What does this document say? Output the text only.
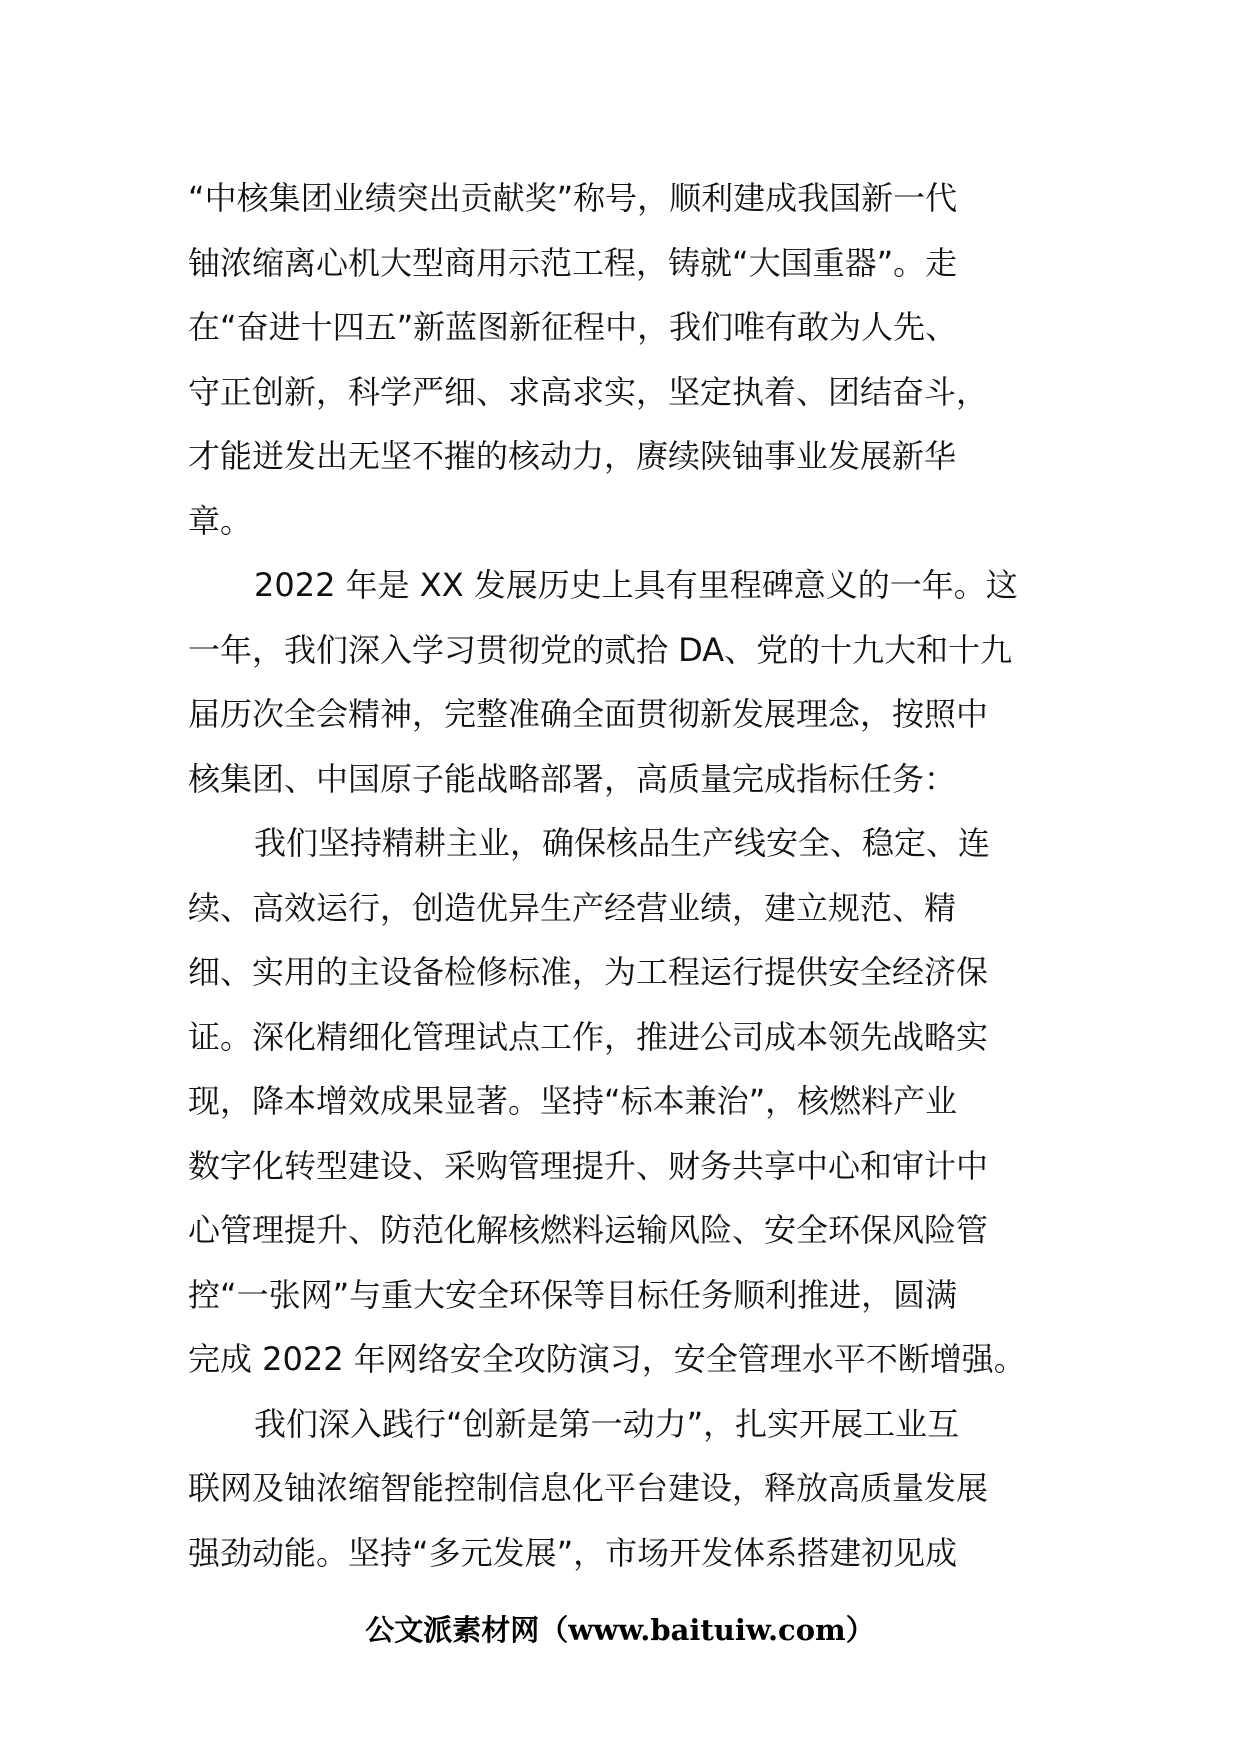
“中核集团业绩突出贡献奖”称号，顺利建成我国新一代
铀浓缩离心机大型商用示范工程，铸就“大国重器”。走
在“奋进十四五”新蓝图新征程中，我们唯有敢为人先、
守正创新，科学严细、求高求实，坚定执着、团结奋斗，
才能迸发出无坚不摧的核动力，赓续陕铀事业发展新华
章。
2022 年是 XX 发展历史上具有里程碑意义的一年。这
一年，我们深入学习贯彻党的贰拾 DA、党的十九大和十九
届历次全会精神，完整准确全面贯彻新发展理念，按照中
核集团、中国原子能战略部署，高质量完成指标任务：
我们坚持精耕主业，确保核品生产线安全、稳定、连
续、高效运行，创造优异生产经营业绩，建立规范、精
细、实用的主设备检修标准，为工程运行提供安全经济保
证。深化精细化管理试点工作，推进公司成本领先战略实
现，降本增效成果显著。坚持“标本兼治”，核燃料产业
数字化转型建设、采购管理提升、财务共享中心和审计中
心管理提升、防范化解核燃料运输风险、安全环保风险管
控“一张网”与重大安全环保等目标任务顺利推进，圆满
完成 2022 年网络安全攻防演习，安全管理水平不断增强。
我们深入践行“创新是第一动力”，扎实开展工业互
联网及铀浓缩智能控制信息化平台建设，释放高质量发展
强劲动能。坚持“多元发展”，市场开发体系搭建初见成
公文派素材网（www.baituiw.com）
